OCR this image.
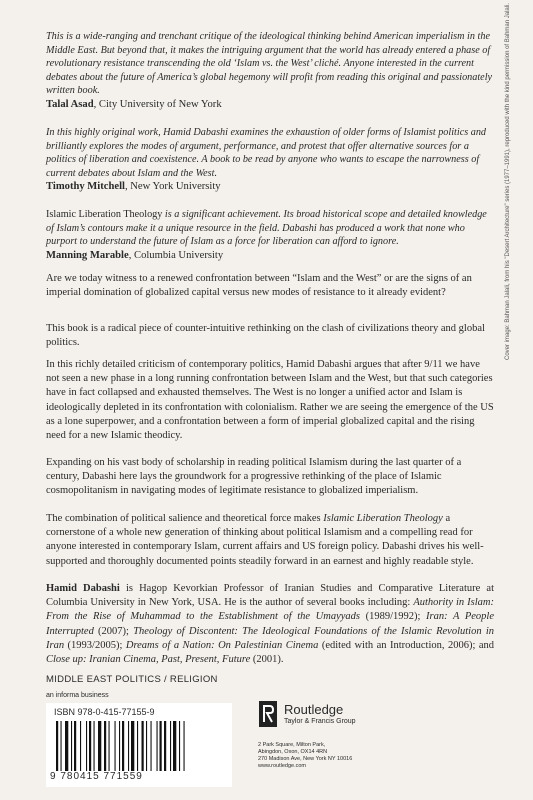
This is a wide-ranging and trenchant critique of the ideological thinking behind American imperialism in the Middle East. But beyond that, it makes the intriguing argument that the world has already entered a phase of revolutionary resistance transcending the old ‘Islam vs. the West’ cliché. Anyone interested in the current debates about the future of America’s global hegemony will profit from reading this original and passionately written book.

Talal Asad, City University of New York

In this highly original work, Hamid Dabashi examines the exhaustion of older forms of Islamist politics and brilliantly explores the modes of argument, performance, and protest that offer alternative sources for a politics of liberation and coexistence. A book to be read by anyone who wants to escape the narrowness of current debates about Islam and the West.

Timothy Mitchell, New York University

Islamic Liberation Theology is a significant achievement. Its broad historical scope and detailed knowledge of Islam’s contours make it a unique resource in the field. Dabashi has produced a work that none who purport to understand the future of Islam as a force for liberation can afford to ignore.

Manning Marable, Columbia University

Are we today witness to a renewed confrontation between “Islam and the West” or are the signs of an imperial domination of globalized capital versus new modes of resistance to it already evident?

This book is a radical piece of counter-intuitive rethinking on the clash of civilizations theory and global politics.

In this richly detailed criticism of contemporary politics, Hamid Dabashi argues that after 9/11 we have not seen a new phase in a long running confrontation between Islam and the West, but that such categories have in fact collapsed and exhausted themselves. The West is no longer a unified actor and Islam is ideologically depleted in its confrontation with colonialism. Rather we are seeing the emergence of the US as a lone superpower, and a confrontation between a form of imperial globalized capital and the rising need for a new Islamic theodicy.

Expanding on his vast body of scholarship in reading political Islamism during the last quarter of a century, Dabashi here lays the groundwork for a progressive rethinking of the place of Islamic cosmopolitanism in navigating modes of legitimate resistance to globalized imperialism.

The combination of political salience and theoretical force makes Islamic Liberation Theology a cornerstone of a whole new generation of thinking about political Islamism and a compelling read for anyone interested in contemporary Islam, current affairs and US foreign policy. Dabashi drives his well-supported and thoroughly documented points steadily forward in an earnest and highly readable style.

Hamid Dabashi is Hagop Kevorkian Professor of Iranian Studies and Comparative Literature at Columbia University in New York, USA. He is the author of several books including: Authority in Islam: From the Rise of Muhammad to the Establishment of the Umayyads (1989/1992); Iran: A People Interrupted (2007); Theology of Discontent: The Ideological Foundations of the Islamic Revolution in Iran (1993/2005); Dreams of a Nation: On Palestinian Cinema (edited with an Introduction, 2006); and Close up: Iranian Cinema, Past, Present, Future (2001).

Cover image: Bahman Jalali, from his "Desert Architecture" series (1977–1991), reproduced with the kind permission of Bahman Jalali.
MIDDLE EAST POLITICS / RELIGION
an informa business
ISBN 978-0-415-77155-9
9 780415 771559
Routledge
Taylor & Francis Group
2 Park Square, Milton Park,
Abingdon, Oxon, OX14 4RN
270 Madison Ave, New York NY 10016
www.routledge.com
